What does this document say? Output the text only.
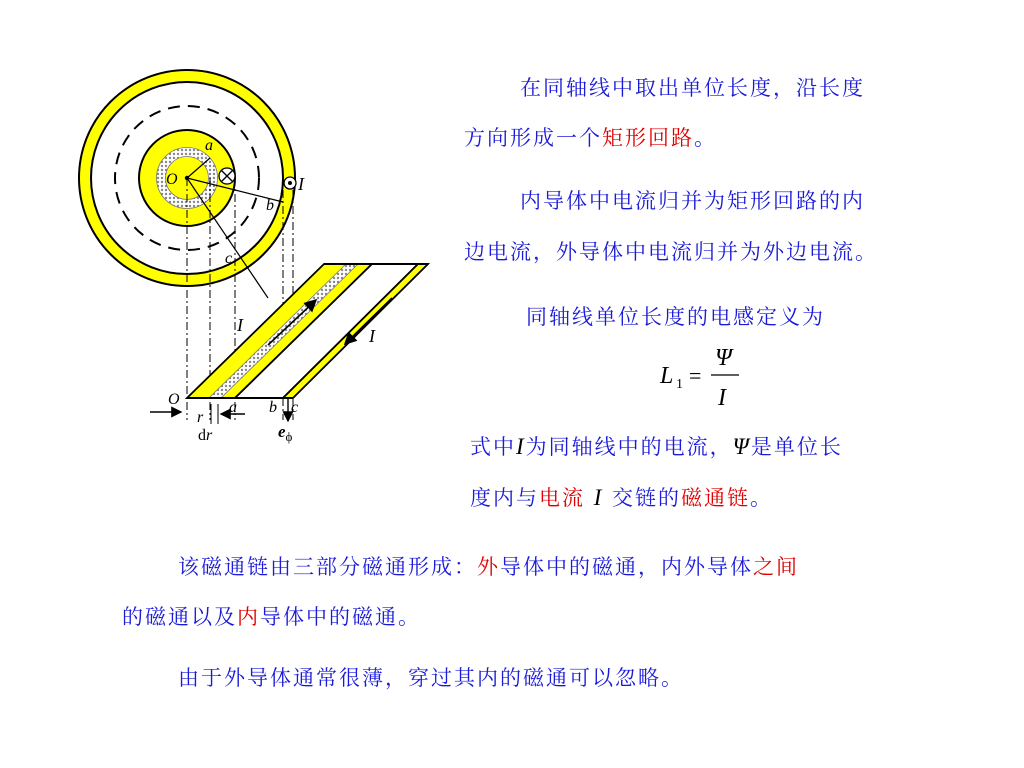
a
O
b
c
I
I
I
O
r
a b c
dr	$e_\phi$
在同轴线中取出单位长度，沿长度
方向形成一个矩形回路。
内导体中电流归并为矩形回路的内
边电流，外导体中电流归并为外边电流。
同轴线单位长度的电感定义为
L 1 =
Ψ
I
式中I为同轴线中的电流，Ψ是单位长
度内与电流 I 交链的磁通链。
该磁通链由三部分磁通形成：外导体中的磁通，内外导体之间
的磁通以及内导体中的磁通。
由于外导体通常很薄，穿过其内的磁通可以忽略。
